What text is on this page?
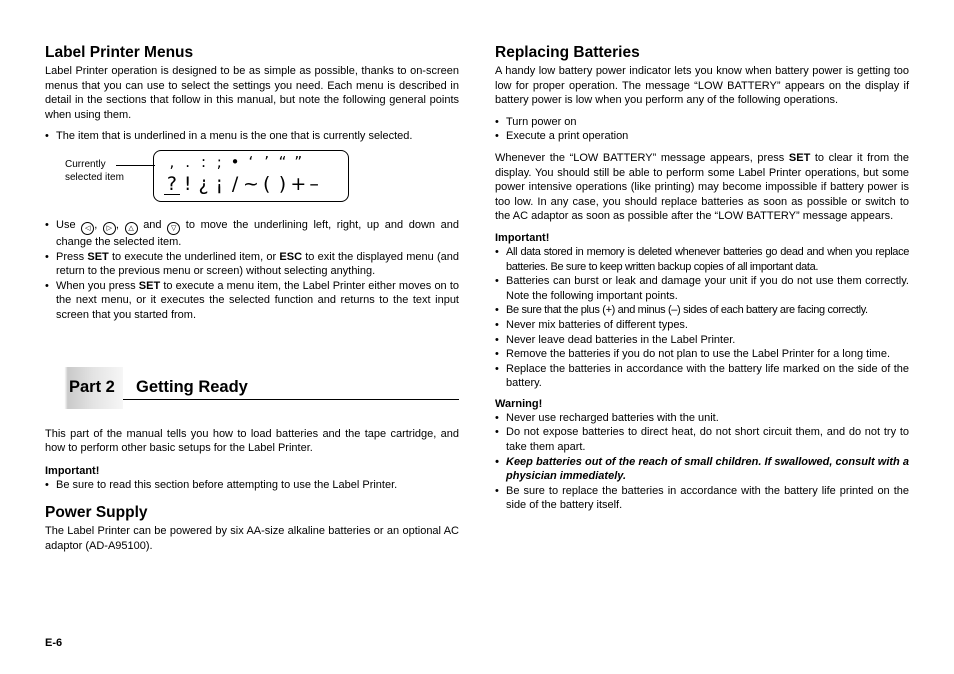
Label Printer Menus

Label Printer operation is designed to be as simple as possible, thanks to on-screen menus that you can use to select the settings you need. Each menu is described in detail in the sections that follow in this manual, but note the following general points when using them.

• The item that is underlined in a menu is the one that is currently selected.
Currently selected item
, . : ; • ‘ ’ “ ”
? ! ¿ ¡ / ~ ( ) + –
• Use ◁ , ▷ , △ and ▽ to move the underlining left, right, up and down and change the selected item.
• Press SET to execute the underlined item, or ESC to exit the displayed menu (and return to the previous menu or screen) without selecting anything.
• When you press SET to execute a menu item, the Label Printer either moves on to the next menu, or it executes the selected function and returns to the text input screen that you started from.
Part 2 Getting Ready

This part of the manual tells you how to load batteries and the tape cartridge, and how to perform other basic setups for the Label Printer.

Important!
• Be sure to read this section before attempting to use the Label Printer.
Power Supply

The Label Printer can be powered by six AA-size alkaline batteries or an optional AC adaptor (AD-A95100).

Replacing Batteries

A handy low battery power indicator lets you know when battery power is getting too low for proper operation. The message “LOW BATTERY” appears on the display if battery power is low when you perform any of the following operations.

• Turn power on
• Execute a print operation

Whenever the “LOW BATTERY” message appears, press SET to clear it from the display. You should still be able to perform some Label Printer operations, but some power intensive operations (like printing) may become impossible if battery power is too low. In any case, you should replace batteries as soon as possible or switch to the AC adaptor as soon as possible after the “LOW BATTERY” message appears.

Important!
• All data stored in memory is deleted whenever batteries go dead and when you replace batteries. Be sure to keep written backup copies of all important data.
• Batteries can burst or leak and damage your unit if you do not use them correctly. Note the following important points.
• Be sure that the plus (+) and minus (–) sides of each battery are facing correctly.
• Never mix batteries of different types.
• Never leave dead batteries in the Label Printer.
• Remove the batteries if you do not plan to use the Label Printer for a long time.
• Replace the batteries in accordance with the battery life marked on the side of the battery.
Warning!
• Never use recharged batteries with the unit.
• Do not expose batteries to direct heat, do not short circuit them, and do not try to take them apart.
• Keep batteries out of the reach of small children. If swallowed, consult with a physician immediately.
• Be sure to replace the batteries in accordance with the battery life printed on the side of the battery itself.
E-6
